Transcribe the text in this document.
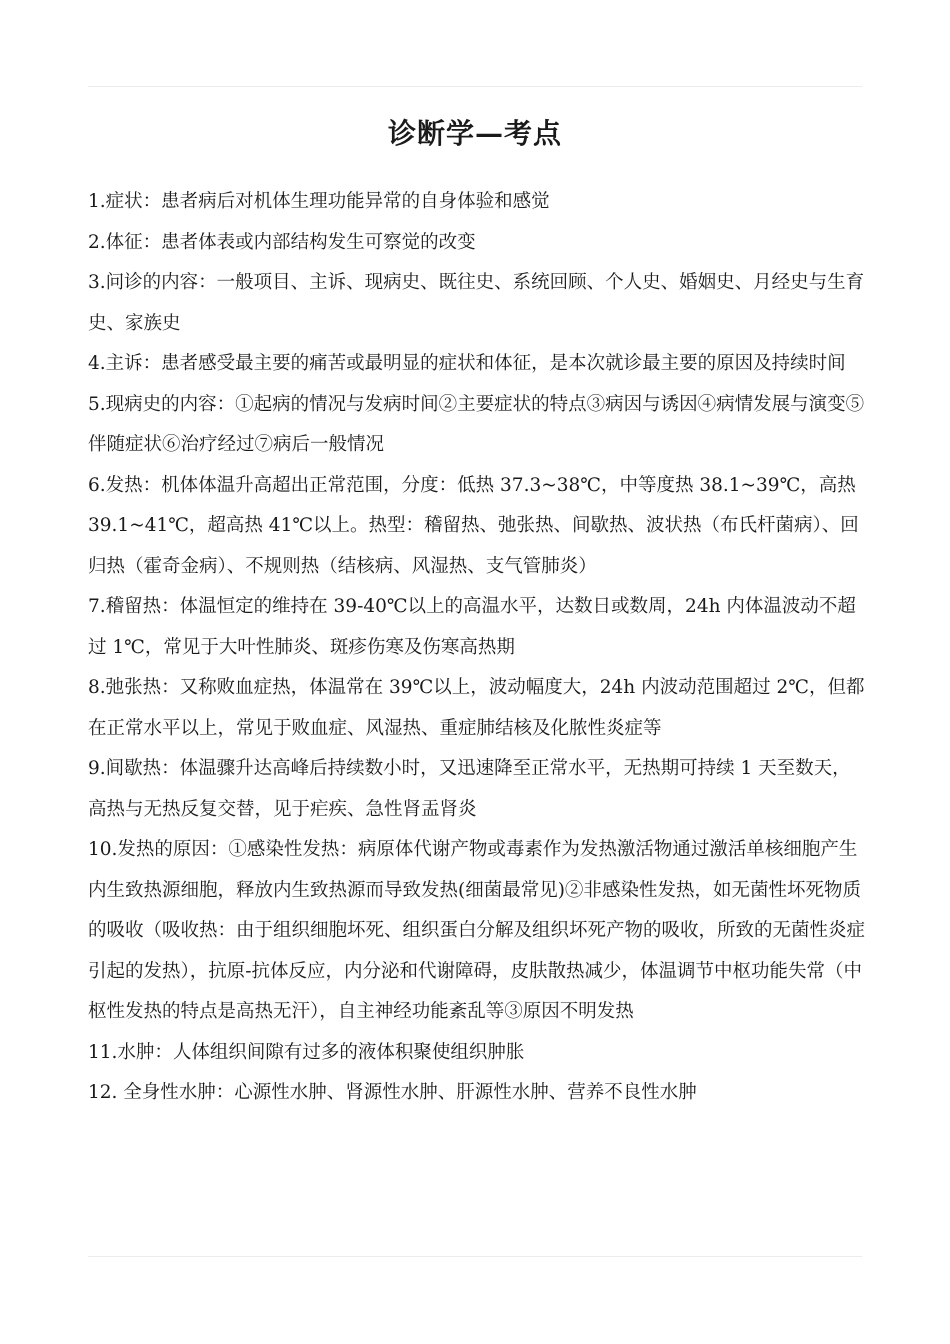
诊断学—考点

1.症状：患者病后对机体生理功能异常的自身体验和感觉

2.体征：患者体表或内部结构发生可察觉的改变

3.问诊的内容：一般项目、主诉、现病史、既往史、系统回顾、个人史、婚姻史、月经史与生育史、家族史

4.主诉：患者感受最主要的痛苦或最明显的症状和体征，是本次就诊最主要的原因及持续时间

5.现病史的内容：①起病的情况与发病时间②主要症状的特点③病因与诱因④病情发展与演变⑤伴随症状⑥治疗经过⑦病后一般情况

6.发热：机体体温升高超出正常范围，分度：低热 37.3~38℃，中等度热 38.1~39℃，高热 39.1~41℃，超高热 41℃以上。热型：稽留热、弛张热、间歇热、波状热（布氏杆菌病）、回归热（霍奇金病）、不规则热（结核病、风湿热、支气管肺炎）

7.稽留热：体温恒定的维持在 39-40℃以上的高温水平，达数日或数周，24h 内体温波动不超过 1℃，常见于大叶性肺炎、斑疹伤寒及伤寒高热期

8.弛张热：又称败血症热，体温常在 39℃以上，波动幅度大，24h 内波动范围超过 2℃，但都在正常水平以上，常见于败血症、风湿热、重症肺结核及化脓性炎症等

9.间歇热：体温骤升达高峰后持续数小时，又迅速降至正常水平，无热期可持续 1 天至数天，高热与无热反复交替，见于疟疾、急性肾盂肾炎

10.发热的原因：①感染性发热：病原体代谢产物或毒素作为发热激活物通过激活单核细胞产生内生致热源细胞，释放内生致热源而导致发热(细菌最常见)②非感染性发热，如无菌性坏死物质的吸收（吸收热：由于组织细胞坏死、组织蛋白分解及组织坏死产物的吸收，所致的无菌性炎症引起的发热），抗原-抗体反应，内分泌和代谢障碍，皮肤散热减少，体温调节中枢功能失常（中枢性发热的特点是高热无汗），自主神经功能紊乱等③原因不明发热

11.水肿：人体组织间隙有过多的液体积聚使组织肿胀

12. 全身性水肿：心源性水肿、肾源性水肿、肝源性水肿、营养不良性水肿
